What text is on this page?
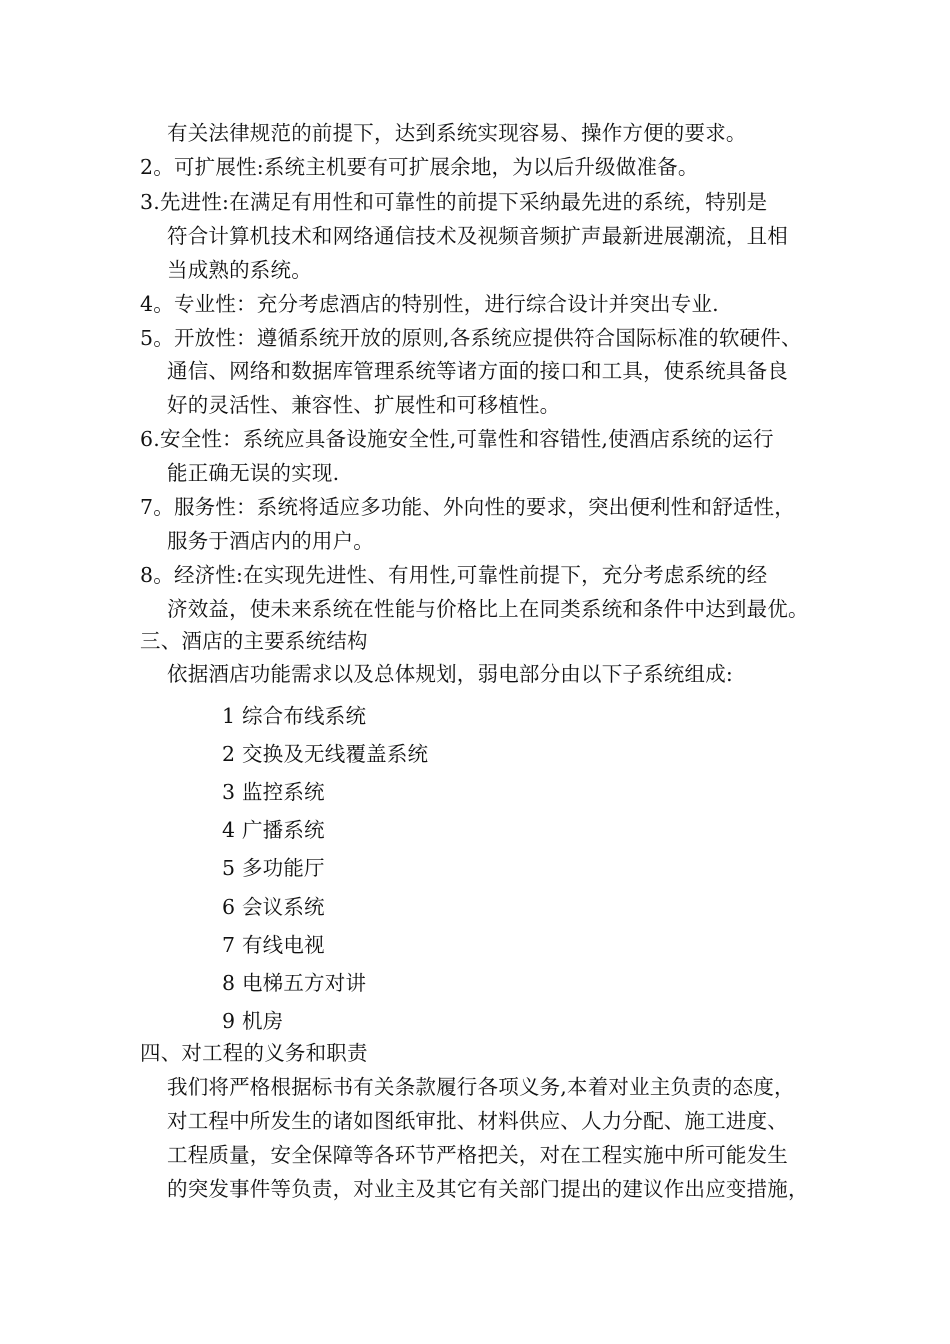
有关法律规范的前提下，达到系统实现容易、操作方便的要求。
2。可扩展性:系统主机要有可扩展余地，为以后升级做准备。
3.先进性:在满足有用性和可靠性的前提下采纳最先进的系统，特别是
符合计算机技术和网络通信技术及视频音频扩声最新进展潮流，且相
当成熟的系统。
4。专业性：充分考虑酒店的特别性，进行综合设计并突出专业.
5。开放性：遵循系统开放的原则,各系统应提供符合国际标准的软硬件、
通信、网络和数据库管理系统等诸方面的接口和工具，使系统具备良
好的灵活性、兼容性、扩展性和可移植性。
6.安全性：系统应具备设施安全性,可靠性和容错性,使酒店系统的运行
能正确无误的实现.
7。服务性：系统将适应多功能、外向性的要求，突出便利性和舒适性，
服务于酒店内的用户。
8。经济性:在实现先进性、有用性,可靠性前提下，充分考虑系统的经
济效益，使未来系统在性能与价格比上在同类系统和条件中达到最优。
三、酒店的主要系统结构
依据酒店功能需求以及总体规划，弱电部分由以下子系统组成:
1 综合布线系统
2 交换及无线覆盖系统
3 监控系统
4 广播系统
5 多功能厅
6 会议系统
7 有线电视
8 电梯五方对讲
9 机房
四、对工程的义务和职责
我们将严格根据标书有关条款履行各项义务,本着对业主负责的态度，
对工程中所发生的诸如图纸审批、材料供应、人力分配、施工进度、
工程质量，安全保障等各环节严格把关，对在工程实施中所可能发生
的突发事件等负责，对业主及其它有关部门提出的建议作出应变措施，
